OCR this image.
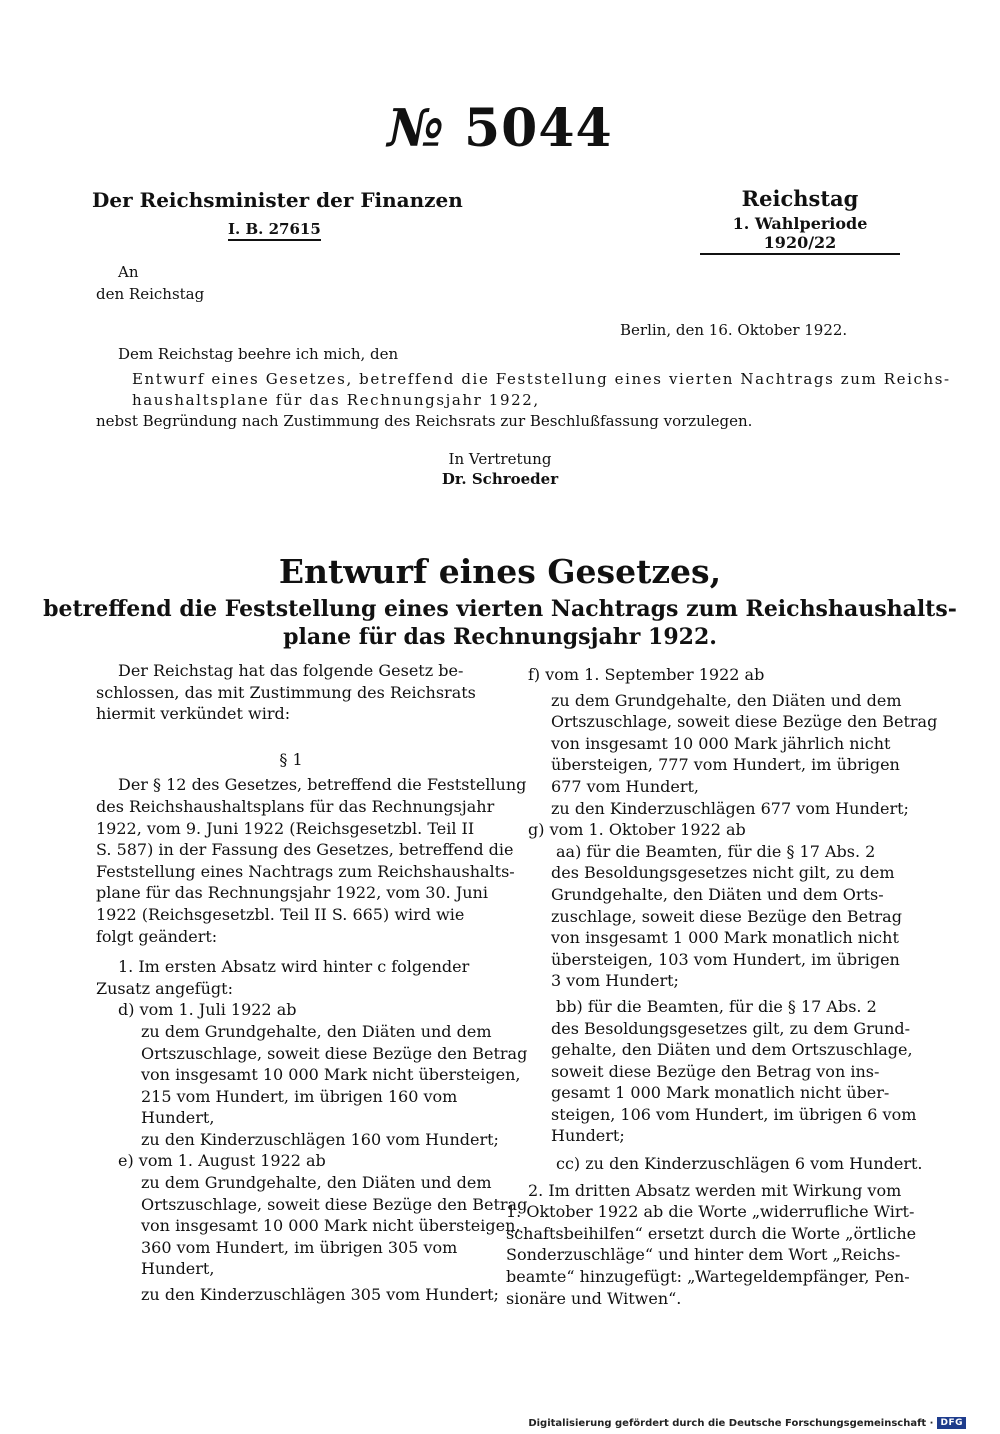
№ 5044
Der Reichsminister der Finanzen
I. B. 27615
Reichstag
1. Wahlperiode 1920/22
An
den Reichstag
Berlin, den 16. Oktober 1922.
Dem Reichstag beehre ich mich, den
Entwurf eines Gesetzes, betreffend die Feststellung eines vierten Nachtrags zum Reichs-
haushaltsplane für das Rechnungsjahr 1922,
nebst Begründung nach Zustimmung des Reichsrats zur Beschlußfassung vorzulegen.
In Vertretung
Dr. Schroeder
Entwurf eines Gesetzes,
betreffend die Feststellung eines vierten Nachtrags zum Reichshaushalts-
plane für das Rechnungsjahr 1922.

Der Reichstag hat das folgende Gesetz be-

schlossen, das mit Zustimmung des Reichsrats

hiermit verkündet wird:

§ 1

Der § 12 des Gesetzes, betreffend die Feststellung

des Reichshaushaltsplans für das Rechnungsjahr

1922, vom 9. Juni 1922 (Reichsgesetzbl. Teil II

S. 587) in der Fassung des Gesetzes, betreffend die

Feststellung eines Nachtrags zum Reichshaushalts-

plane für das Rechnungsjahr 1922, vom 30. Juni

1922 (Reichsgesetzbl. Teil II S. 665) wird wie

folgt geändert:

1. Im ersten Absatz wird hinter c folgender

Zusatz angefügt:

d) vom 1. Juli 1922 ab

zu dem Grundgehalte, den Diäten und dem

Ortszuschlage, soweit diese Bezüge den Betrag

von insgesamt 10 000 Mark nicht übersteigen,

215 vom Hundert, im übrigen 160 vom

Hundert,

zu den Kinderzuschlägen 160 vom Hundert;

e) vom 1. August 1922 ab

zu dem Grundgehalte, den Diäten und dem

Ortszuschlage, soweit diese Bezüge den Betrag

von insgesamt 10 000 Mark nicht übersteigen,

360 vom Hundert, im übrigen 305 vom

Hundert,

zu den Kinderzuschlägen 305 vom Hundert;

f) vom 1. September 1922 ab

zu dem Grundgehalte, den Diäten und dem

Ortszuschlage, soweit diese Bezüge den Betrag

von insgesamt 10 000 Mark jährlich nicht

übersteigen, 777 vom Hundert, im übrigen

677 vom Hundert,

zu den Kinderzuschlägen 677 vom Hundert;

g) vom 1. Oktober 1922 ab

aa) für die Beamten, für die § 17 Abs. 2

des Besoldungsgesetzes nicht gilt, zu dem

Grundgehalte, den Diäten und dem Orts-

zuschlage, soweit diese Bezüge den Betrag

von insgesamt 1 000 Mark monatlich nicht

übersteigen, 103 vom Hundert, im übrigen

3 vom Hundert;

bb) für die Beamten, für die § 17 Abs. 2

des Besoldungsgesetzes gilt, zu dem Grund-

gehalte, den Diäten und dem Ortszuschlage,

soweit diese Bezüge den Betrag von ins-

gesamt 1 000 Mark monatlich nicht über-

steigen, 106 vom Hundert, im übrigen 6 vom

Hundert;

cc) zu den Kinderzuschlägen 6 vom Hundert.

2. Im dritten Absatz werden mit Wirkung vom

1. Oktober 1922 ab die Worte „widerrufliche Wirt-

schaftsbeihilfen“ ersetzt durch die Worte „örtliche

Sonderzuschläge“ und hinter dem Wort „Reichs-

beamte“ hinzugefügt: „Wartegeldempfänger, Pen-

sionäre und Witwen“.

Digitalisierung gefördert durch die Deutsche Forschungsgemeinschaft · DFG
